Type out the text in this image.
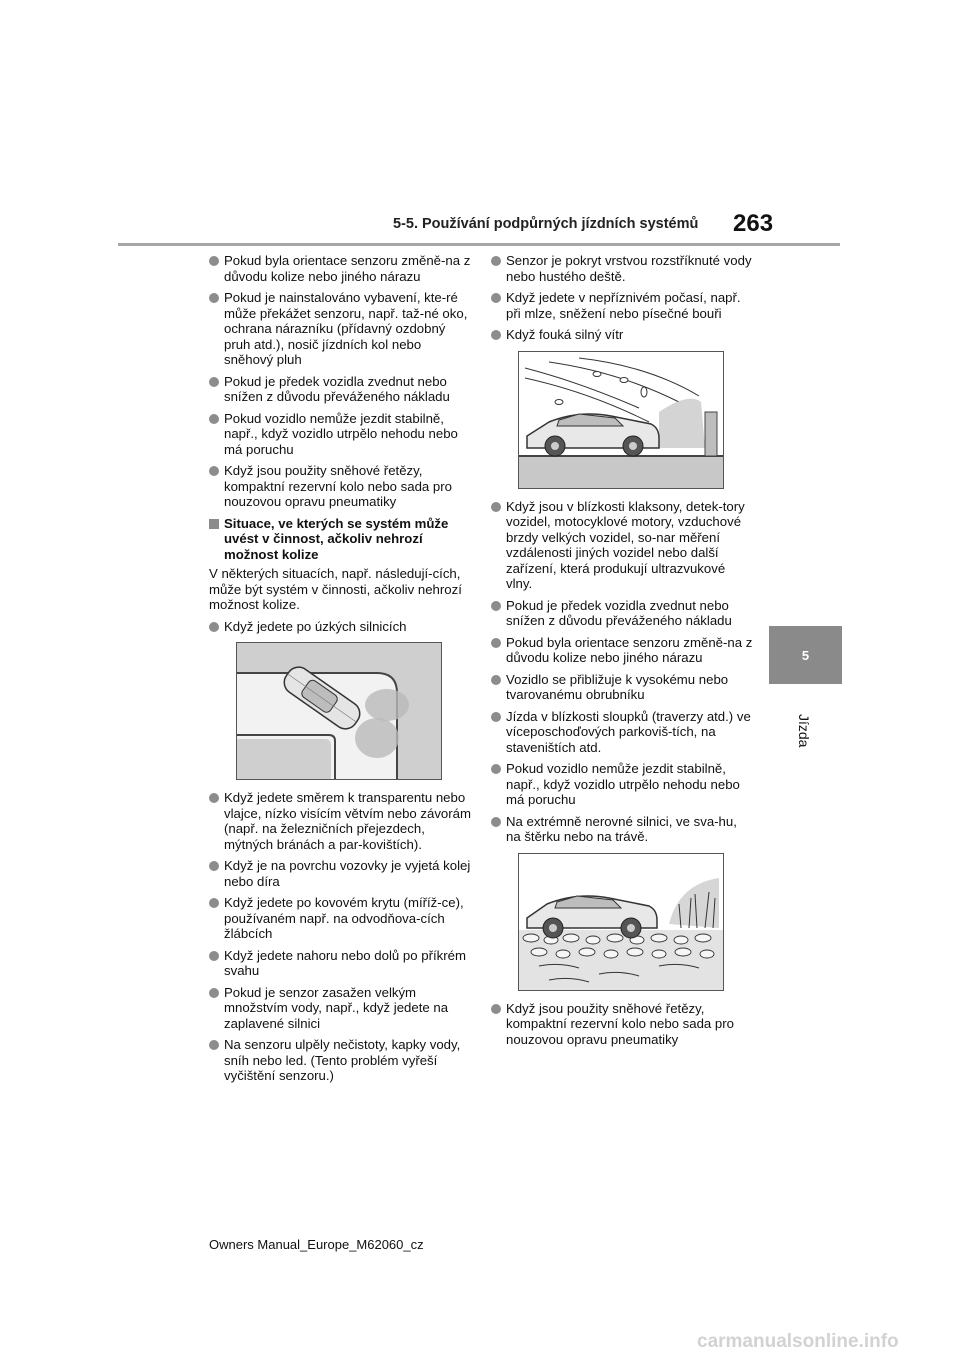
5-5. Používání podpůrných jízdních systémů 263
5
Jízda
Pokud byla orientace senzoru změně-na z důvodu kolize nebo jiného nárazu
Pokud je nainstalováno vybavení, kte-ré může překážet senzoru, např. taž-né oko, ochrana nárazníku (přídavný ozdobný pruh atd.), nosič jízdních kol nebo sněhový pluh
Pokud je předek vozidla zvednut nebo snížen z důvodu převáženého nákladu
Pokud vozidlo nemůže jezdit stabilně, např., když vozidlo utrpělo nehodu nebo má poruchu
Když jsou použity sněhové řetězy, kompaktní rezervní kolo nebo sada pro nouzovou opravu pneumatiky
Situace, ve kterých se systém může uvést v činnost, ačkoliv nehrozí možnost kolize
V některých situacích, např. následují-cích, může být systém v činnosti, ačkoliv nehrozí možnost kolize.
Když jedete po úzkých silnicích
Když jedete směrem k transparentu nebo vlajce, nízko visícím větvím nebo závorám (např. na železničních přejezdech, mýtných bránách a par-kovištích).
Když je na povrchu vozovky je vyjetá kolej nebo díra
Když jedete po kovovém krytu (míříž-ce), používaném např. na odvodňova-cích žlábcích
Když jedete nahoru nebo dolů po příkrém svahu
Pokud je senzor zasažen velkým množstvím vody, např., když jedete na zaplavené silnici
Na senzoru ulpěly nečistoty, kapky vody, sníh nebo led. (Tento problém vyřeší vyčištění senzoru.)
Senzor je pokryt vrstvou rozstříknuté vody nebo hustého deště.
Když jedete v nepříznivém počasí, např. při mlze, sněžení nebo písečné bouři
Když fouká silný vítr
Když jsou v blízkosti klaksony, detek-tory vozidel, motocyklové motory, vzduchové brzdy velkých vozidel, so-nar měření vzdálenosti jiných vozidel nebo další zařízení, která produkují ultrazvukové vlny.
Pokud je předek vozidla zvednut nebo snížen z důvodu převáženého nákladu
Pokud byla orientace senzoru změně-na z důvodu kolize nebo jiného nárazu
Vozidlo se přibližuje k vysokému nebo tvarovanému obrubníku
Jízda v blízkosti sloupků (traverzy atd.) ve víceposchoďových parkoviš-tích, na staveništích atd.
Pokud vozidlo nemůže jezdit stabilně, např., když vozidlo utrpělo nehodu nebo má poruchu
Na extrémně nerovné silnici, ve sva-hu, na štěrku nebo na trávě.
Když jsou použity sněhové řetězy, kompaktní rezervní kolo nebo sada pro nouzovou opravu pneumatiky
Owners Manual_Europe_M62060_cz
carmanualsonline.info
